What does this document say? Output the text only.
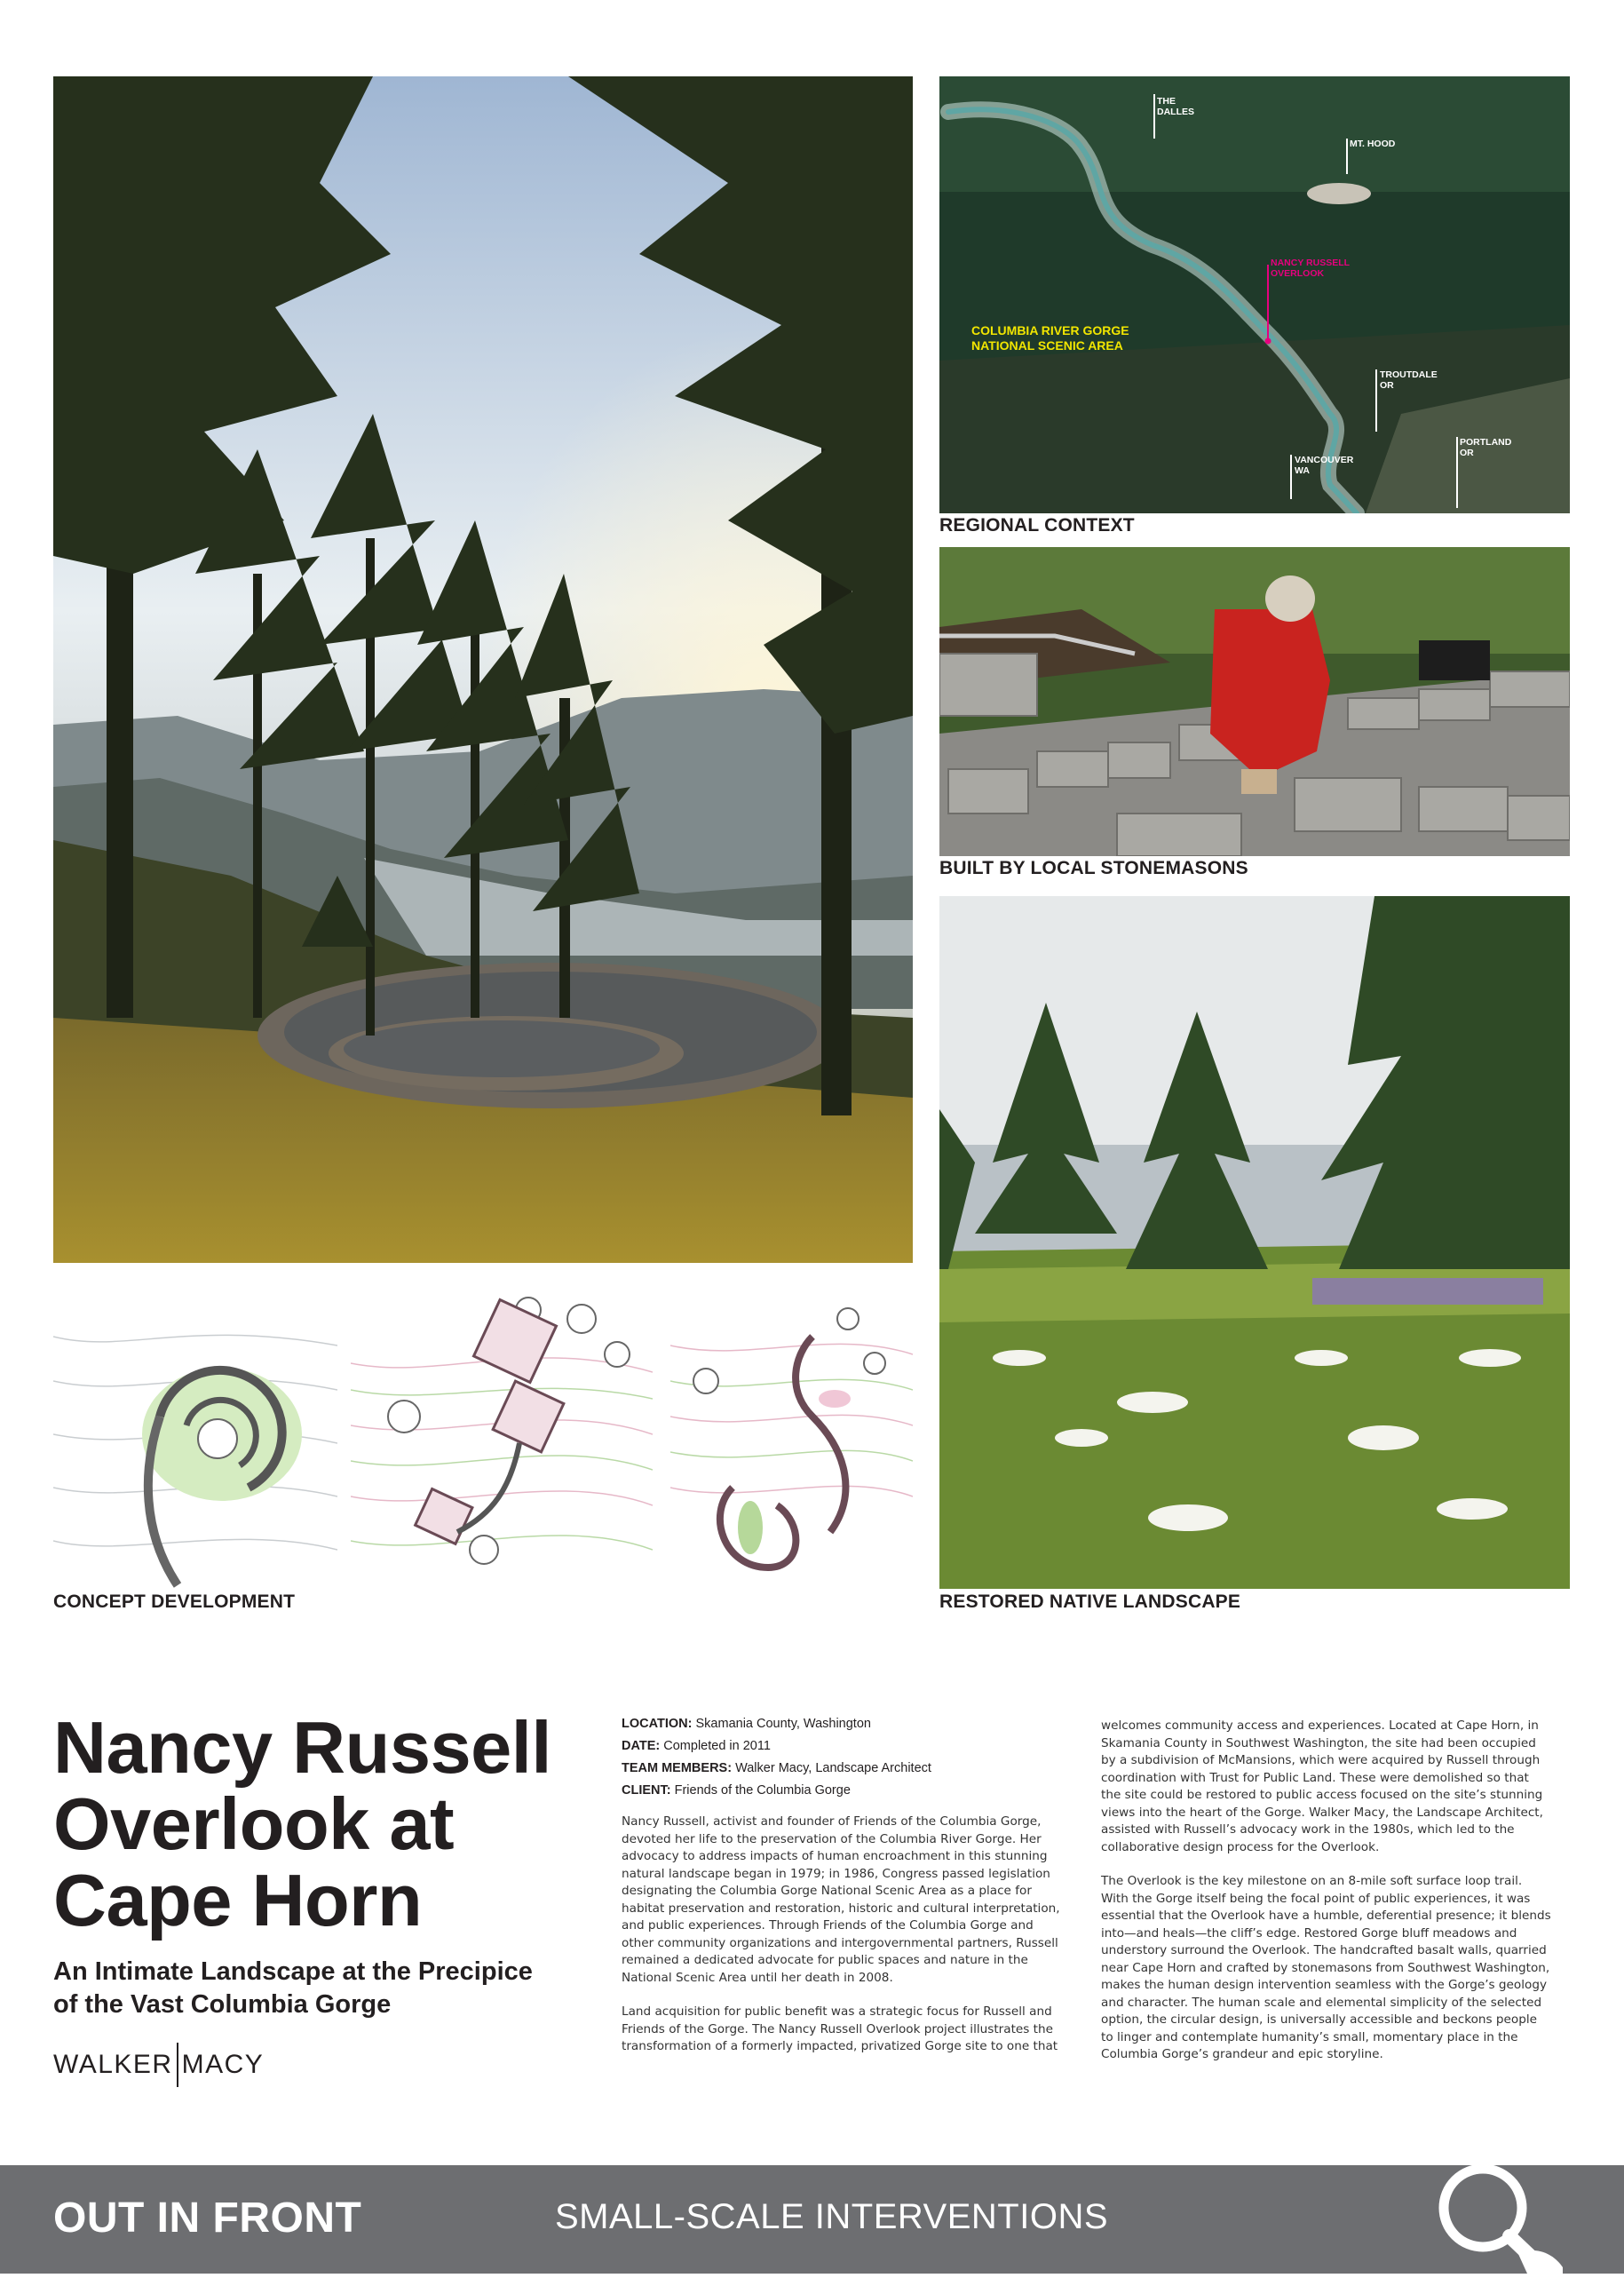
THE
DALLES
MT. HOOD
NANCY RUSSELL
OVERLOOK
COLUMBIA RIVER GORGE
NATIONAL SCENIC AREA
TROUTDALE
OR
VANCOUVER
WA
PORTLAND
OR
REGIONAL CONTEXT
BUILT BY LOCAL STONEMASONS
RESTORED NATIVE LANDSCAPE
CONCEPT DEVELOPMENT
Nancy Russell
Overlook at
Cape Horn
An Intimate Landscape at the Precipice
of the Vast Columbia Gorge
WALKER MACY
LOCATION: Skamania County, Washington
DATE: Completed in 2011
TEAM MEMBERS: Walker Macy, Landscape Architect
CLIENT: Friends of the Columbia Gorge

Nancy Russell, activist and founder of Friends of the Columbia Gorge,
devoted her life to the preservation of the Columbia River Gorge. Her
advocacy to address impacts of human encroachment in this stunning
natural landscape began in 1979; in 1986, Congress passed legislation
designating the Columbia Gorge National Scenic Area as a place for
habitat preservation and restoration, historic and cultural interpretation,
and public experiences. Through Friends of the Columbia Gorge and
other community organizations and intergovernmental partners, Russell
remained a dedicated advocate for public spaces and nature in the
National Scenic Area until her death in 2008.

Land acquisition for public benefit was a strategic focus for Russell and
Friends of the Gorge. The Nancy Russell Overlook project illustrates the
transformation of a formerly impacted, privatized Gorge site to one that

welcomes community access and experiences. Located at Cape Horn, in
Skamania County in Southwest Washington, the site had been occupied
by a subdivision of McMansions, which were acquired by Russell through
coordination with Trust for Public Land. These were demolished so that
the site could be restored to public access focused on the site’s stunning
views into the heart of the Gorge. Walker Macy, the Landscape Architect,
assisted with Russell’s advocacy work in the 1980s, which led to the
collaborative design process for the Overlook.

The Overlook is the key milestone on an 8-mile soft surface loop trail.
With the Gorge itself being the focal point of public experiences, it was
essential that the Overlook have a humble, deferential presence; it blends
into—and heals—the cliff’s edge. Restored Gorge bluff meadows and
understory surround the Overlook. The handcrafted basalt walls, quarried
near Cape Horn and crafted by stonemasons from Southwest Washington,
makes the human design intervention seamless with the Gorge’s geology
and character. The human scale and elemental simplicity of the selected
option, the circular design, is universally accessible and beckons people
to linger and contemplate humanity’s small, momentary place in the
Columbia Gorge’s grandeur and epic storyline.

OUT IN FRONT	SMALL-SCALE INTERVENTIONS
